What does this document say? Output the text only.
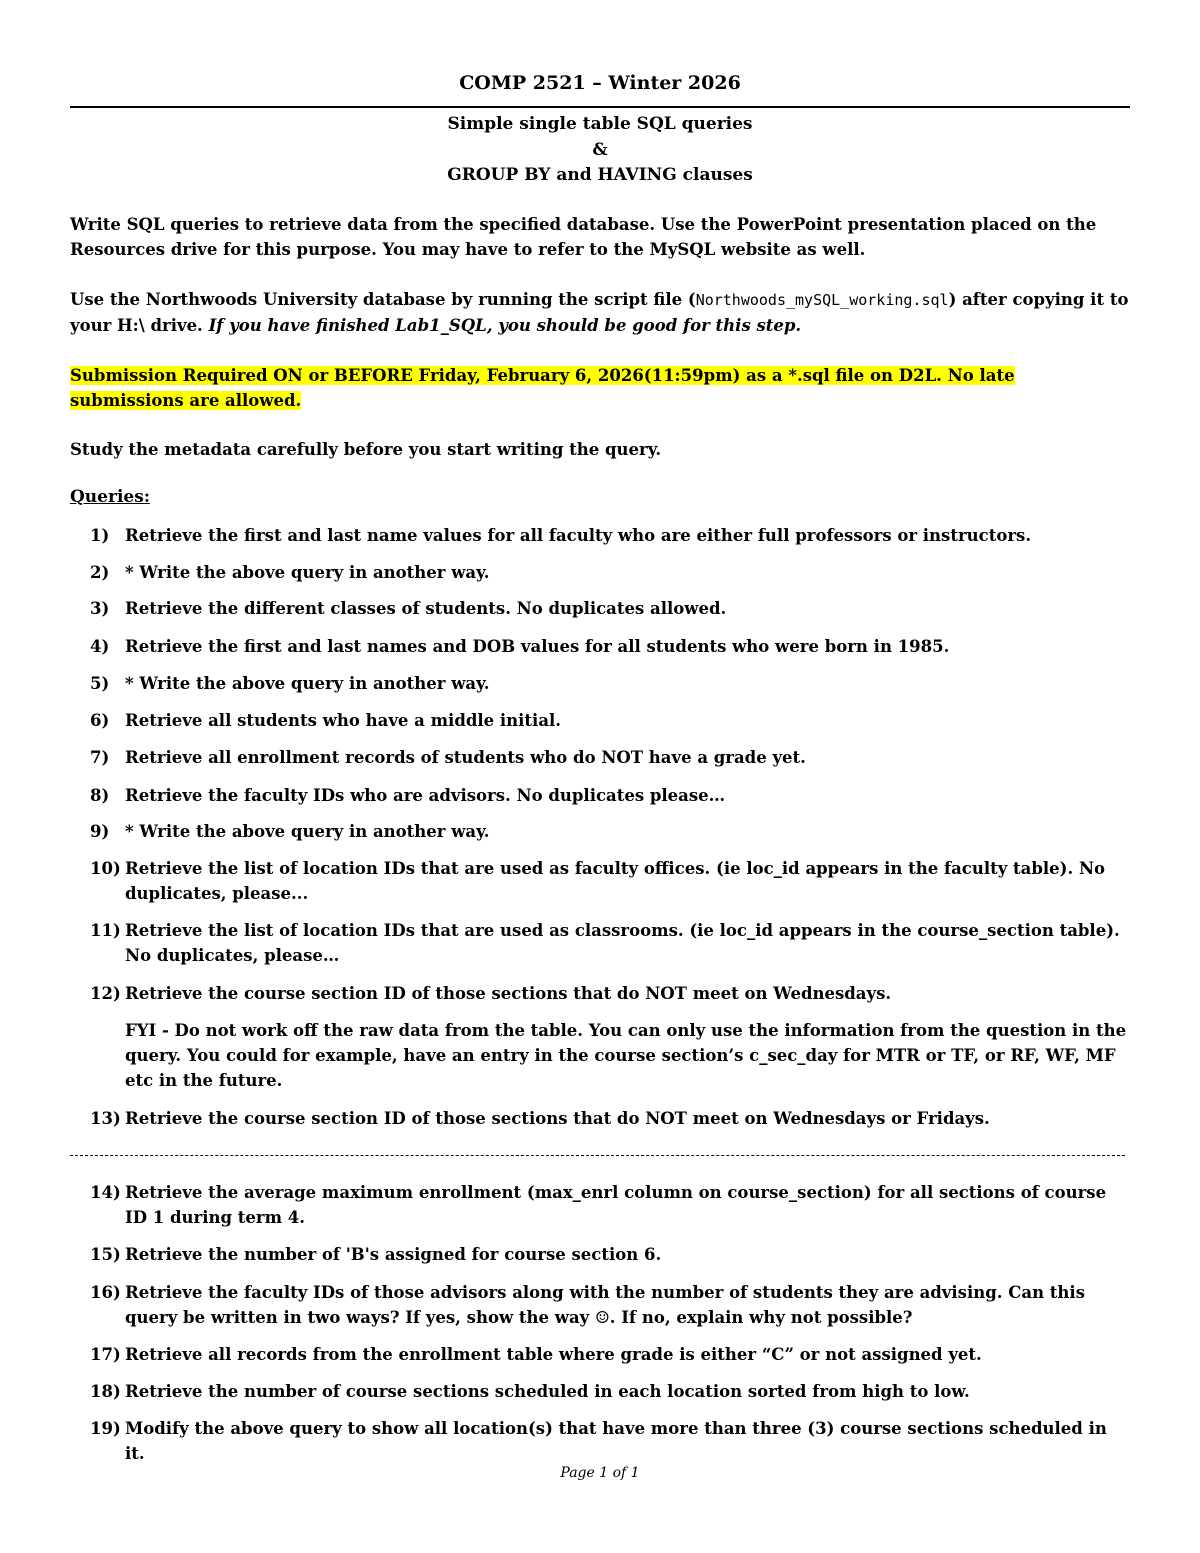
COMP 2521 – Winter 2026
Simple single table SQL queries
&
GROUP BY and HAVING clauses
Write SQL queries to retrieve data from the specified database. Use the PowerPoint presentation placed on the Resources drive for this purpose. You may have to refer to the MySQL website as well.
Use the Northwoods University database by running the script file (Northwoods_mySQL_working.sql) after copying it to your H:\ drive. If you have finished Lab1_SQL, you should be good for this step.
Submission Required ON or BEFORE Friday, February 6, 2026(11:59pm) as a *.sql file on D2L. No late submissions are allowed.
Study the metadata carefully before you start writing the query.
Queries:
1) Retrieve the first and last name values for all faculty who are either full professors or instructors.
2) * Write the above query in another way.
3) Retrieve the different classes of students. No duplicates allowed.
4) Retrieve the first and last names and DOB values for all students who were born in 1985.
5) * Write the above query in another way.
6) Retrieve all students who have a middle initial.
7) Retrieve all enrollment records of students who do NOT have a grade yet.
8) Retrieve the faculty IDs who are advisors. No duplicates please…
9) * Write the above query in another way.
10) Retrieve the list of location IDs that are used as faculty offices. (ie loc_id appears in the faculty table). No duplicates, please...
11) Retrieve the list of location IDs that are used as classrooms. (ie loc_id appears in the course_section table). No duplicates, please…
12) Retrieve the course section ID of those sections that do NOT meet on Wednesdays.
FYI - Do not work off the raw data from the table. You can only use the information from the question in the query. You could for example, have an entry in the course section’s c_sec_day for MTR or TF, or RF, WF, MF etc in the future.
13) Retrieve the course section ID of those sections that do NOT meet on Wednesdays or Fridays.
14) Retrieve the average maximum enrollment (max_enrl column on course_section) for all sections of course ID 1 during term 4.
15) Retrieve the number of 'B's assigned for course section 6.
16) Retrieve the faculty IDs of those advisors along with the number of students they are advising. Can this query be written in two ways? If yes, show the way ☺. If no, explain why not possible?
17) Retrieve all records from the enrollment table where grade is either “C” or not assigned yet.
18) Retrieve the number of course sections scheduled in each location sorted from high to low.
19) Modify the above query to show all location(s) that have more than three (3) course sections scheduled in it.
Page 1 of 1
